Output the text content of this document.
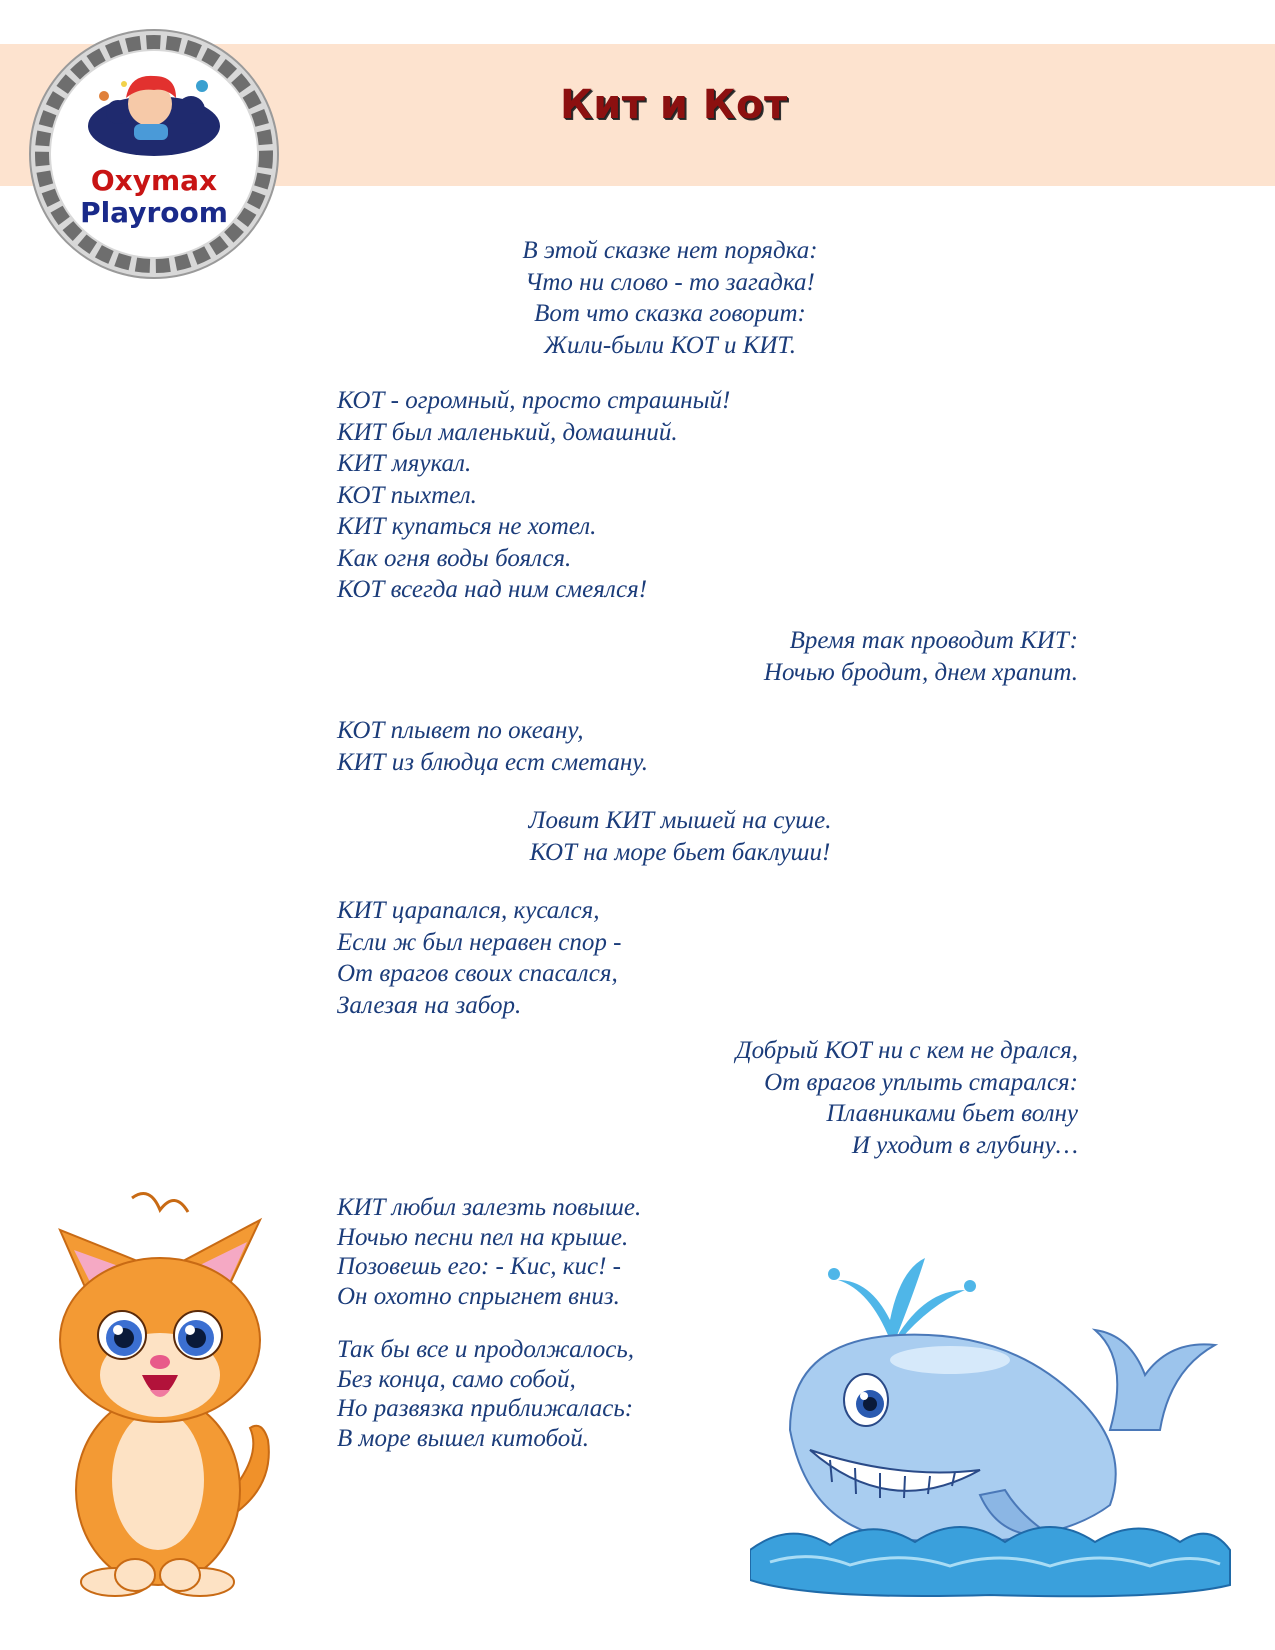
Oxymax
Playroom
Кит и Кот
В этой сказке нет порядка:
Что ни слово - то загадка!
Вот что сказка говорит:
Жили-были КОТ и КИТ.
КОТ - огромный, просто страшный!
КИТ был маленький, домашний.
КИТ мяукал.
КОТ пыхтел.
КИТ купаться не хотел.
Как огня воды боялся.
КОТ всегда над ним смеялся!
Время так проводит КИТ:
Ночью бродит, днем храпит.
КОТ плывет по океану,
КИТ из блюдца ест сметану.
Ловит КИТ мышей на суше.
КОТ на море бьет баклуши!
КИТ царапался, кусался,
Если ж был неравен спор -
От врагов своих спасался,
Залезая на забор.
Добрый КОТ ни с кем не дрался,
От врагов уплыть старался:
Плавниками бьет волну
И уходит в глубину…
КИТ любил залезть повыше.
Ночью песни пел на крыше.
Позовешь его: - Кис, кис! -
Он охотно спрыгнет вниз.
Так бы все и продолжалось,
Без конца, само собой,
Но развязка приближалась:
В море вышел китобой.
